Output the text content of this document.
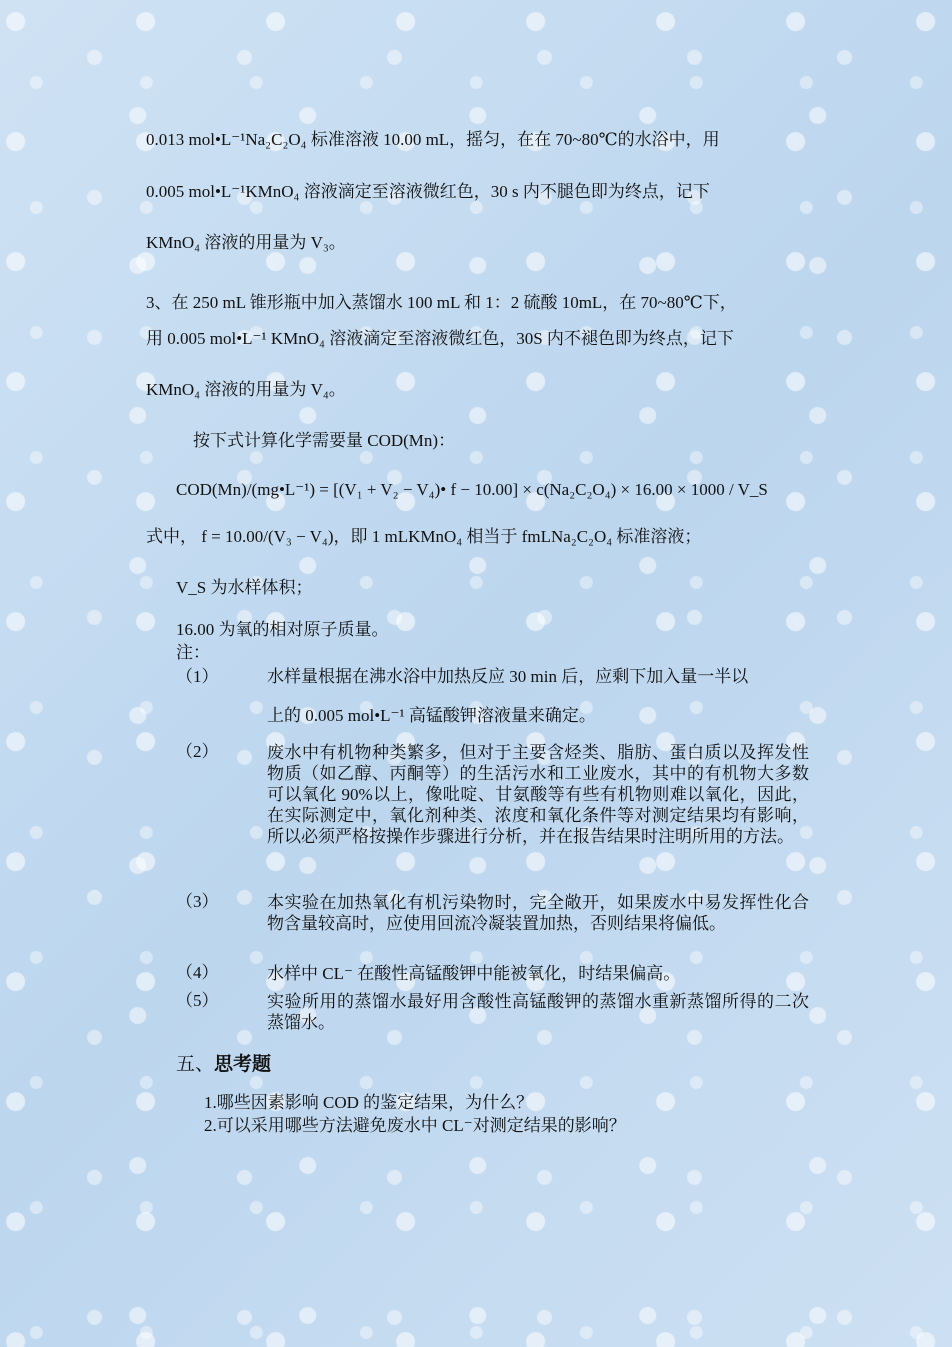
0.013 mol•L⁻¹Na₂C₂O₄ 标准溶液 10.00 mL，摇匀，在在 70~80℃的水浴中，用
0.005 mol•L⁻¹KMnO₄ 溶液滴定至溶液微红色，30 s 内不腿色即为终点，记下
KMnO₄ 溶液的用量为 V₃。
3、在 250 mL 锥形瓶中加入蒸馏水 100 mL 和 1：2 硫酸 10mL，在 70~80℃下，
用 0.005 mol•L⁻¹ KMnO₄ 溶液滴定至溶液微红色，30S 内不褪色即为终点，记下
KMnO₄ 溶液的用量为 V₄。
按下式计算化学需要量 COD(Mn)：
COD(Mn)/(mg•L⁻¹) = [(V₁ + V₂ − V₄)• f − 10.00] × c(Na₂C₂O₄) × 16.00 × 1000 / V_S
式中， f = 10.00/(V₃ − V₄)，即 1 mLKMnO₄ 相当于 fmLNa₂C₂O₄ 标准溶液；
V_S 为水样体积；
16.00 为氧的相对原子质量。
注：
（1）	水样量根据在沸水浴中加热反应 30 min 后，应剩下加入量一半以
上的 0.005 mol•L⁻¹ 高锰酸钾溶液量来确定。
（2）	废水中有机物种类繁多，但对于主要含烃类、脂肪、蛋白质以及挥发性物质（如乙醇、丙酮等）的生活污水和工业废水，其中的有机物大多数可以氧化 90%以上，像吡啶、甘氨酸等有些有机物则难以氧化，因此，在实际测定中，氧化剂种类、浓度和氧化条件等对测定结果均有影响，所以必须严格按操作步骤进行分析，并在报告结果时注明所用的方法。
（3）	本实验在加热氧化有机污染物时，完全敞开，如果废水中易发挥性化合物含量较高时，应使用回流冷凝装置加热，否则结果将偏低。
（4）	水样中 CL⁻ 在酸性高锰酸钾中能被氧化，时结果偏高。
（5）	实验所用的蒸馏水最好用含酸性高锰酸钾的蒸馏水重新蒸馏所得的二次蒸馏水。
五、思考题
1.哪些因素影响 COD 的鉴定结果，为什么？
2.可以采用哪些方法避免废水中 CL⁻对测定结果的影响？
